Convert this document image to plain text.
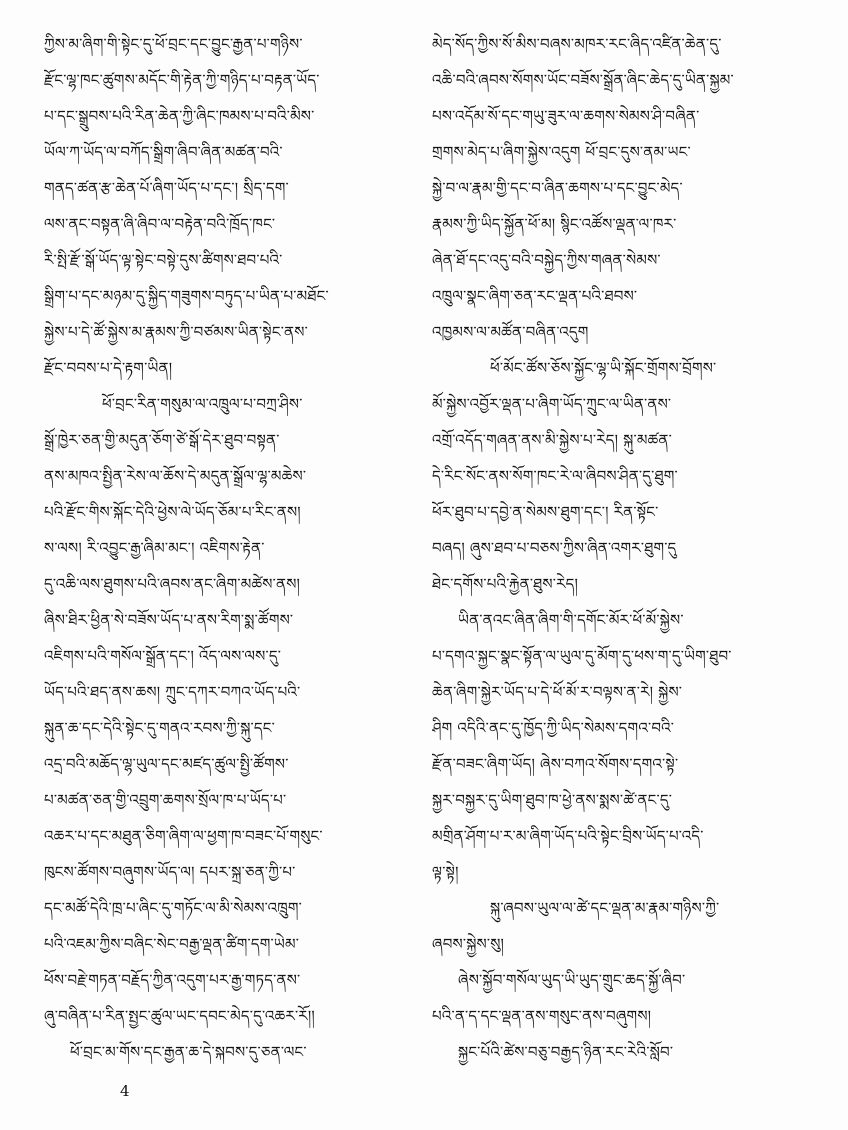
ཀྱིས་མ་ཞིག་གི་སྟེང་དུ་ཕོ་བྲང་དང་བྱུང་རྒྱན་པ་གཉིས་
རྫོང་ལྷ་ཁང་ཚུགས་མདོང་གི་རྟེན་ཀྱི་གཉིད་པ་བརྟན་ཡོད་
པ་དང་སྒྲུབས་པའི་རིན་ཆེན་ཀྱི་ཞིང་ཁམས་པ་བའི་མིས་
ཡོལ་ཀ་ཡོད་ལ་བཀོད་སྒྲིག་ཞིབ་ཞིན་མཚན་བའི་
གནད་ཚན་རྩ་ཆེན་པོ་ཞིག་ཡོད་པ་དང་། སྲིད་དག་
ལས་ནང་བསྟན་ཞི་ཞིབ་ལ་བརྟེན་བའི་ཁྲོད་ཁང་
རི་སྤི་རྫོ་སྒོ་ཡོད་ལྟ་སྟེང་བསྟེ་དུས་ཚིགས་ཐབ་པའི་
སྒྲིག་པ་དང་མཉམ་དུ་སྐྱིད་གཟུགས་བཏུད་པ་ཡིན་པ་མཐོང་
སྐྱེས་པ་དེ་ཚོ་སྐྱེས་མ་རྣམས་ཀྱི་བཙམས་ཡིན་སྟེང་ནས་
རྫོང་བབས་པ་དེ་རྟག་ཡིན།
ཕོ་བྲང་རིན་གསུམ་ལ་འཁྲུལ་པ་བཀྲ་ཤིས་
སྒྲོ་ཁྱེར་ཅན་གྱི་མདུན་ཅོག་ཙེ་སྒོ་དེར་ཐུབ་བསྟན་
ནས་མཁའ་སྤྱིན་རེས་ལ་ཆོས་དེ་མདུན་སྒྲོལ་ལྷ་མཆེས་
པའི་རྫོང་གིས་སྐོང་དེའི་ཕྱེས་ལེ་ཡོད་ཅོམ་པ་རིང་ནས།
ས་ལས། རི་འབྱུང་རྒྱ་ཞིམ་མང་། འཇིགས་རྟེན་
དུ་འཆི་ལས་ཐུགས་པའི་ཞབས་ནང་ཞིག་མཚེས་ནས།
ཞིས་ཐིར་ཕྱིན་སེ་བཟོས་ཡོད་པ་ནས་རིག་སྨ་ཚོགས་
འཇིགས་པའི་གསོལ་སྒྲོན་དང་། འོད་ལས་ལས་དུ་
ཡོད་པའི་ཐད་ནས་ཆས། ཀྲུང་དཀར་བཀའ་ཡོད་པའི་
སྐུན་ཆ་དང་དེའི་སྟེང་དུ་གནའ་རབས་ཀྱི་སྐུ་དང་
འདྲ་བའི་མཆོད་ལྷ་ཡུལ་དང་མཛད་ཚུལ་སྤྱི་ཚོགས་
པ་མཚན་ཅན་གྱི་འབྲུག་ཆགས་སྲོལ་ཁ་པ་ཡོད་པ་
འཆར་པ་དང་མཐུན་ཅིག་ཞིག་ལ་ཕྱག་ཁ་བཟང་པོ་གསུང་
ཁུངས་ཚོགས་བཞུགས་ཡོད་ལ། དཔར་སྐྲ་ཅན་ཀྱི་པ་
དང་མཚོ་དེའི་ཁྲ་པ་ཞིང་དུ་གཏོང་ལ་མི་སེམས་འཁྲུག་
པའི་འཇམ་ཀྱིས་བཞིང་སེང་བརྒྱ་ལྡན་ཚིག་དག་ཡེམ་
ཕོས་བརྗེ་གཏན་བརྗོད་ཀྱིན་འདུག་པར་རྒྱ་གཏད་ནས་
ཞུ་བཞིན་པ་རིན་སྤྱང་ཚུལ་ཡང་དབང་མེད་དུ་འཆར་རོ།།
ཕོ་བྲང་མ་གོས་དང་རྒྱན་ཆ་དེ་སྐབས་དུ་ཅན་ལང་
མེད་སོད་ཀྱིས་སོ་མིས་བཞས་མཁར་རང་ཞིད་འཛིན་ཆེན་དུ་
འཆི་བའི་ཞབས་སོགས་ཡོང་བཟོས་སྒྲོན་ཞིང་ཆེད་དུ་ཡིན་སྐྱམ་
པས་འདོམ་སོ་དང་གཡུ་ཟུར་ལ་ཆགས་སེམས་ཤི་བཞིན་
གྲགས་མེད་པ་ཞིག་སྐྱེས་འདུག ཕོ་བྲང་དུས་ནམ་ཡང་
སྐྱེ་བ་ལ་རྣམ་གྱི་དང་བ་ཞིན་ཆགས་པ་དང་བྱུང་མེད་
རྣམས་ཀྱི་ཡིད་སྐྱོན་ཕོ་མ། སྙིང་འཚོས་ལྡན་ལ་ཁར་
ཞེན་ཐོ་དང་འདུ་བའི་བསྐྱེད་ཀྱིས་གཞན་སེམས་
འཁྲུལ་སྣང་ཞིག་ཅན་རང་ལྡན་པའི་ཐབས་
འཁྱམས་ལ་མཚོན་བཞིན་འདུག
ཕོ་མོང་ཚོས་ཅོས་སྐྱོང་ལྷ་ཡི་སྐོང་གྲོགས་བྲོགས་
མོ་སྐྱེས་འབྱོར་ལྡན་པ་ཞིག་ཡོད་ཀྲུང་ལ་ཡིན་ནས་
འགྲོ་འདོད་གཞན་ནས་མི་སྐྱེས་པ་རེད། སྐུ་མཚན་
དེ་རིང་སོང་ནས་སོག་ཁང་རེ་ལ་ཞིབས་ཤིན་དུ་ཐུག་
ཕོར་ཐུབ་པ་དབྱེ་ན་སེམས་ཐུག་དང་། རིན་སྟོང་
བཞད། ཞུས་ཐབ་པ་བཅས་ཀྱིས་ཞིན་འགར་ཐུག་དུ
ཐེང་དགོས་པའི་རྐྱེན་ཐུས་རེད།
ཡིན་ནའང་ཞིན་ཞིག་གི་དགོང་མོར་ཕོ་མོ་སྐྱེས་
པ་དགའ་སྐྱང་སྣང་སྟོན་ལ་ཡུལ་དུ་མོག་དུ་ཕས་ག་དུ་ཡིག་ཐུབ་
ཆེན་ཞིག་སྐྱེར་ཡོད་པ་དེ་ཕོ་མོ་ར་བལྟས་ན་རེ། སྐྱེས་
ཤིག འདིའི་ནང་དུ་ཁྱོད་ཀྱི་ཡིད་སེམས་དགའ་བའི་
རྫོན་བཟང་ཞིག་ཡོད། ཞེས་བཀའ་སོགས་དགའ་སྟེ་
སྐྱར་བསྐྱར་དུ་ཡིག་ཐུབ་ཁ་ཕྱེ་ནས་སྨས་ཚེ་ནང་དུ་
མགྲིན་ཤོག་པ་ར་མ་ཞིག་ཡོད་པའི་སྟེང་བྲིས་ཡོད་པ་འདི་
ལྟ་སྟེ།
སྐུ་ཞབས་ཡུལ་ལ་ཚེ་དང་ལྡན་མ་རྣམ་གཉིས་ཀྱི་
ཞབས་སྐྱེས་སུ།
ཞེས་སྐྱོབ་གསོལ་ཡུད་ཡི་ཡུད་གྲུང་ཆད་སྐྱོ་ཞིབ་
པའི་ན་ད་དང་ལྡན་ནས་གསུང་ནས་བཞུགས།
སྐྱང་པོའི་ཚེས་བཅུ་བརྒྱད་ཉིན་རང་རེའི་སློབ་
4
